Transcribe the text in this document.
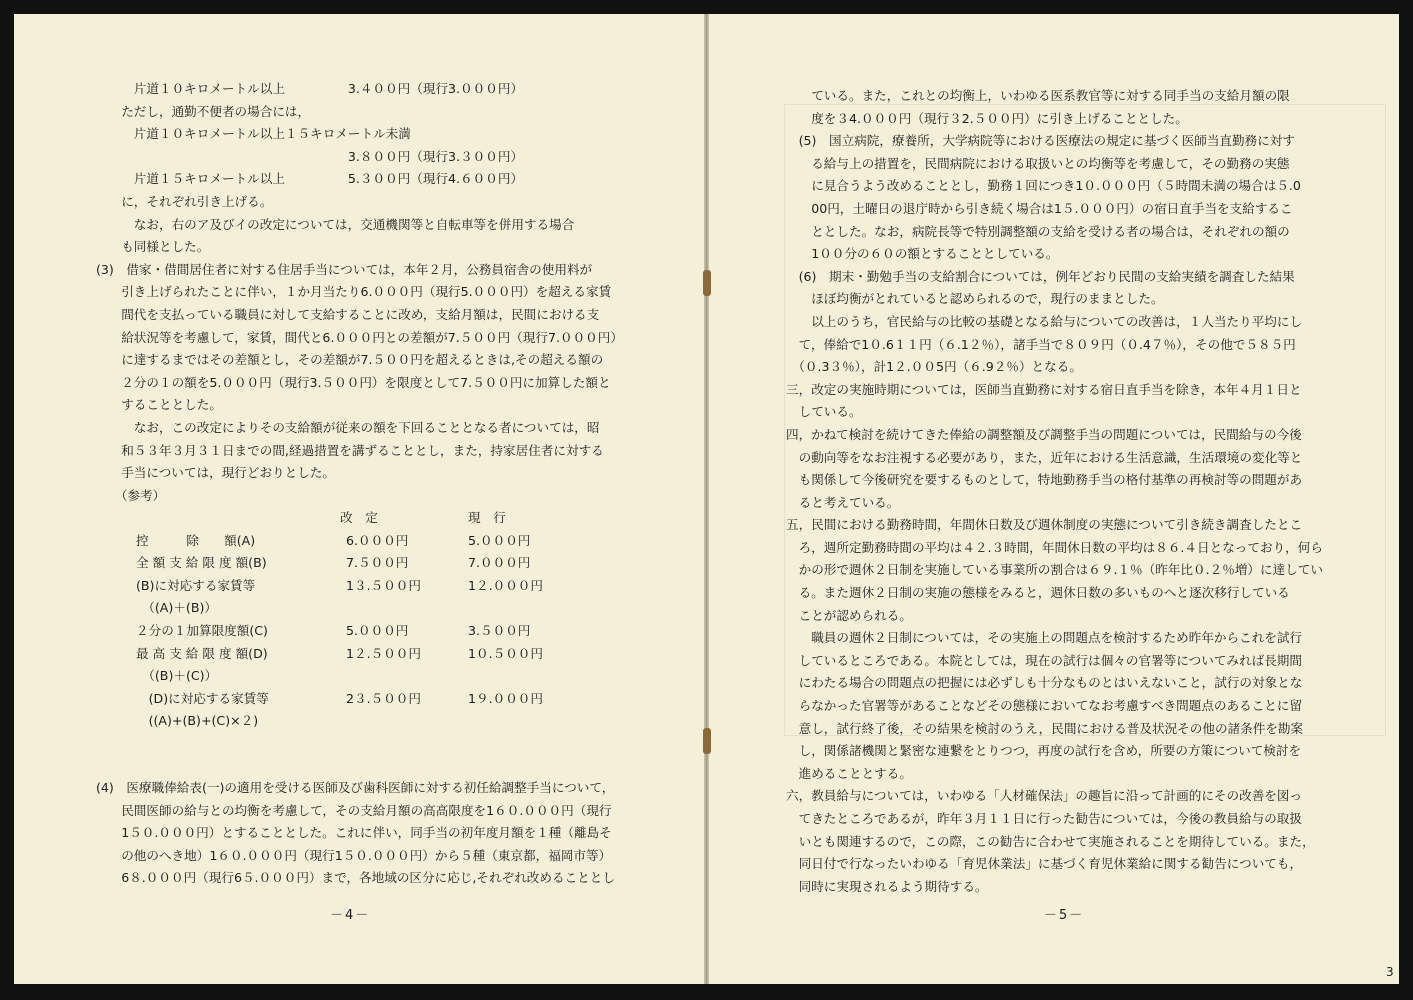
　　　片道１０キロメートル以上　　　　　3.４００円（現行3.０００円）
　　ただし，通勤不便者の場合には，
　　　片道１０キロメートル以上１５キロメートル未満
　　　　　　　　　　　　　　　　　　　　3.８００円（現行3.３００円）
　　　片道１５キロメートル以上　　　　　5.３００円（現行4.６００円）
　　に，それぞれ引き上げる。
　　　なお，右のア及びイの改定については，交通機関等と自転車等を併用する場合
　　も同様とした。
(3)　借家・借間居住者に対する住居手当については，本年２月，公務員宿舎の使用料が
　　引き上げられたことに伴い，１か月当たり6.０００円（現行5.０００円）を超える家賃
　　間代を支払っている職員に対して支給することに改め，支給月額は，民間における支
　　給状況等を考慮して，家賃，間代と6.０００円との差額が7.５００円（現行7.０００円）
　　に達するまではその差額とし，その差額が7.５００円を超えるときは,その超える額の
　　２分の１の額を5.０００円（現行3.５００円）を限度として7.５００円に加算した額と
　　することとした。
　　　なお，この改定によりその支給額が従来の額を下回ることとなる者については，昭
　　和５３年３月３１日までの間,経過措置を講ずることとし，また，持家居住者に対する
　　手当については，現行どおりとした。
　　（参考）
改　定	現　行
控　　　除　　額(A)	6.０００円	5.０００円
全 額 支 給 限 度 額(B)	7.５００円	7.０００円
(B)に対応する家賃等	1３.５００円	1２.０００円
　（(A)＋(B)）
２分の１加算限度額(C)	5.０００円	3.５００円
最 高 支 給 限 度 額(D)	1２.５００円	1０.５００円
　（(B)＋(C)）
　(D)に対応する家賃等	2３.５００円	1９.０００円
　((A)+(B)+(C)×２)
(4)　医療職俸給表(一)の適用を受ける医師及び歯科医師に対する初任給調整手当について，
　　民間医師の給与との均衡を考慮して，その支給月額の高高限度を1６０.０００円（現行
　　1５０.０００円）とすることとした。これに伴い，同手当の初年度月額を１種（離島そ
　　の他のへき地）1６０.０００円（現行1５０.０００円）から５種（東京都，福岡市等）
　　6８.０００円（現行6５.０００円）まで，各地域の区分に応じ,それぞれ改めることとし
－4－
　　ている。また，これとの均衡上，いわゆる医系教官等に対する同手当の支給月額の限
　　度を３4.０００円（現行３2.５００円）に引き上げることとした。
　(5)　国立病院，療養所，大学病院等における医療法の規定に基づく医師当直勤務に対す
　　る給与上の措置を，民間病院における取扱いとの均衡等を考慮して，その勤務の実態
　　に見合うよう改めることとし，勤務１回につき1０.０００円（５時間未満の場合は５.0
　　00円，土曜日の退庁時から引き続く場合は1５.０００円）の宿日直手当を支給するこ
　　ととした。なお，病院長等で特別調整額の支給を受ける者の場合は，それぞれの額の
　　1００分の６０の額とすることとしている。
　(6)　期末・勤勉手当の支給割合については，例年どおり民間の支給実績を調査した結果
　　ほぼ均衡がとれていると認められるので，現行のままとした。
　　以上のうち，官民給与の比較の基礎となる給与についての改善は，１人当たり平均にし
　て，俸給で1０.6１１円（６.1２％），諸手当で８０９円（０.4７％），その他で５８５円
　（０.3３％），計1２.００5円（６.9２％）となる。
三，改定の実施時期については，医師当直勤務に対する宿日直手当を除き，本年４月１日と
　している。
四，かねて検討を続けてきた俸給の調整額及び調整手当の問題については，民間給与の今後
　の動向等をなお注視する必要があり，また，近年における生活意識，生活環境の変化等と
　も関係して今後研究を要するものとして，特地勤務手当の格付基準の再検討等の問題があ
　ると考えている。
五，民間における勤務時間，年間休日数及び週休制度の実態について引き続き調査したとこ
　ろ，週所定勤務時間の平均は４２.３時間，年間休日数の平均は８６.４日となっており，何ら
　かの形で週休２日制を実施している事業所の割合は６９.１％（昨年比０.２％増）に達してい
　る。また週休２日制の実施の態様をみると，週休日数の多いものへと逐次移行している
　ことが認められる。
　　職員の週休２日制については，その実施上の問題点を検討するため昨年からこれを試行
　しているところである。本院としては，現在の試行は個々の官署等についてみれば長期間
　にわたる場合の問題点の把握には必ずしも十分なものとはいえないこと，試行の対象とな
　らなかった官署等があることなどその態様においてなお考慮すべき問題点のあることに留
　意し，試行終了後，その結果を検討のうえ，民間における普及状況その他の諸条件を勘案
　し，関係諸機関と緊密な連繋をとりつつ，再度の試行を含め，所要の方策について検討を
　進めることとする。
六，教員給与については，いわゆる「人材確保法」の趣旨に沿って計画的にその改善を図っ
　てきたところであるが，昨年３月１１日に行った勧告については，今後の教員給与の取扱
　いとも関連するので，この際，この勧告に合わせて実施されることを期待している。また，
　同日付で行なったいわゆる「育児休業法」に基づく育児休業給に関する勧告についても，
　同時に実現されるよう期待する。
－5－
3
